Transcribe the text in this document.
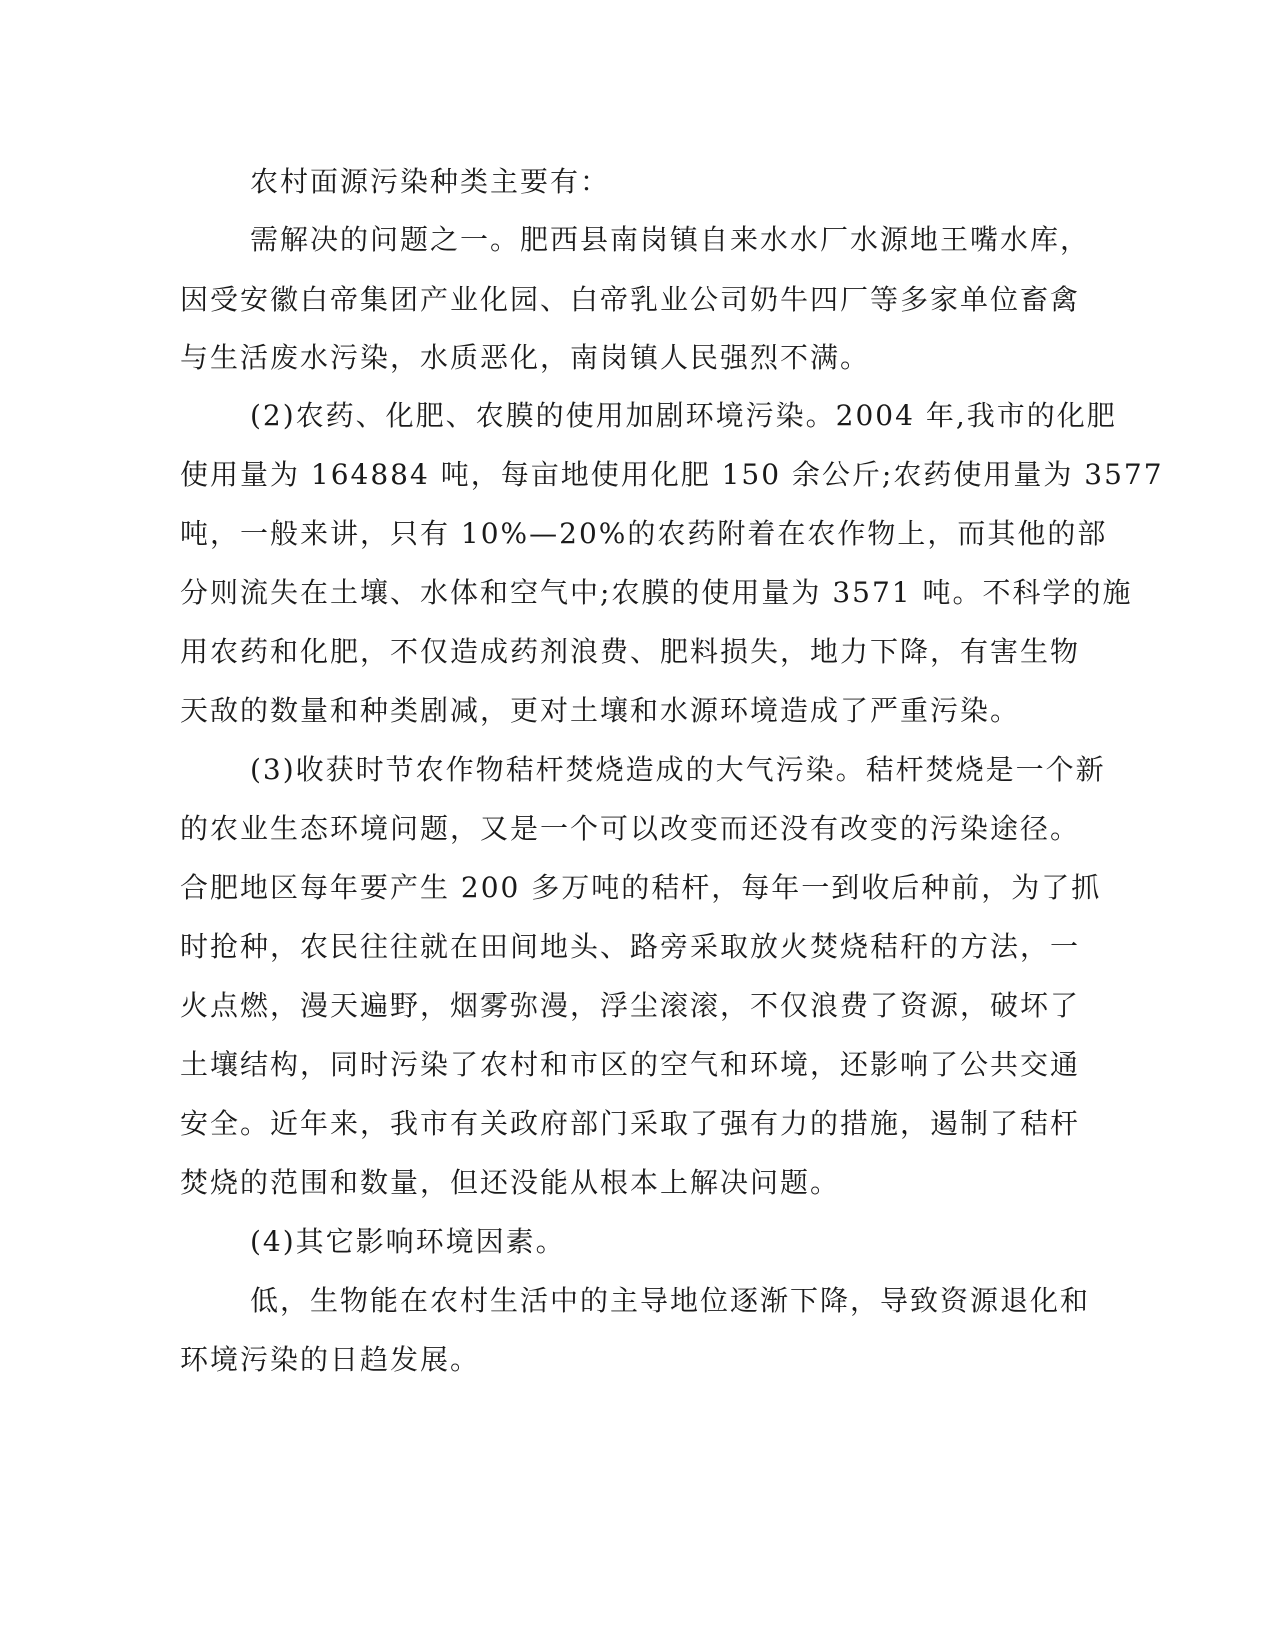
农村面源污染种类主要有：
需解决的问题之一。肥西县南岗镇自来水水厂水源地王嘴水库，
因受安徽白帝集团产业化园、白帝乳业公司奶牛四厂等多家单位畜禽
与生活废水污染，水质恶化，南岗镇人民强烈不满。
(2)农药、化肥、农膜的使用加剧环境污染。2004 年,我市的化肥
使用量为 164884 吨，每亩地使用化肥 150 余公斤;农药使用量为 3577
吨，一般来讲，只有 10%—20%的农药附着在农作物上，而其他的部
分则流失在土壤、水体和空气中;农膜的使用量为 3571 吨。不科学的施
用农药和化肥，不仅造成药剂浪费、肥料损失，地力下降，有害生物
天敌的数量和种类剧减，更对土壤和水源环境造成了严重污染。
(3)收获时节农作物秸杆焚烧造成的大气污染。秸杆焚烧是一个新
的农业生态环境问题，又是一个可以改变而还没有改变的污染途径。
合肥地区每年要产生 200 多万吨的秸杆，每年一到收后种前，为了抓
时抢种，农民往往就在田间地头、路旁采取放火焚烧秸秆的方法，一
火点燃，漫天遍野，烟雾弥漫，浮尘滚滚，不仅浪费了资源，破坏了
土壤结构，同时污染了农村和市区的空气和环境，还影响了公共交通
安全。近年来，我市有关政府部门采取了强有力的措施，遏制了秸杆
焚烧的范围和数量，但还没能从根本上解决问题。
(4)其它影响环境因素。
低，生物能在农村生活中的主导地位逐渐下降，导致资源退化和
环境污染的日趋发展。
